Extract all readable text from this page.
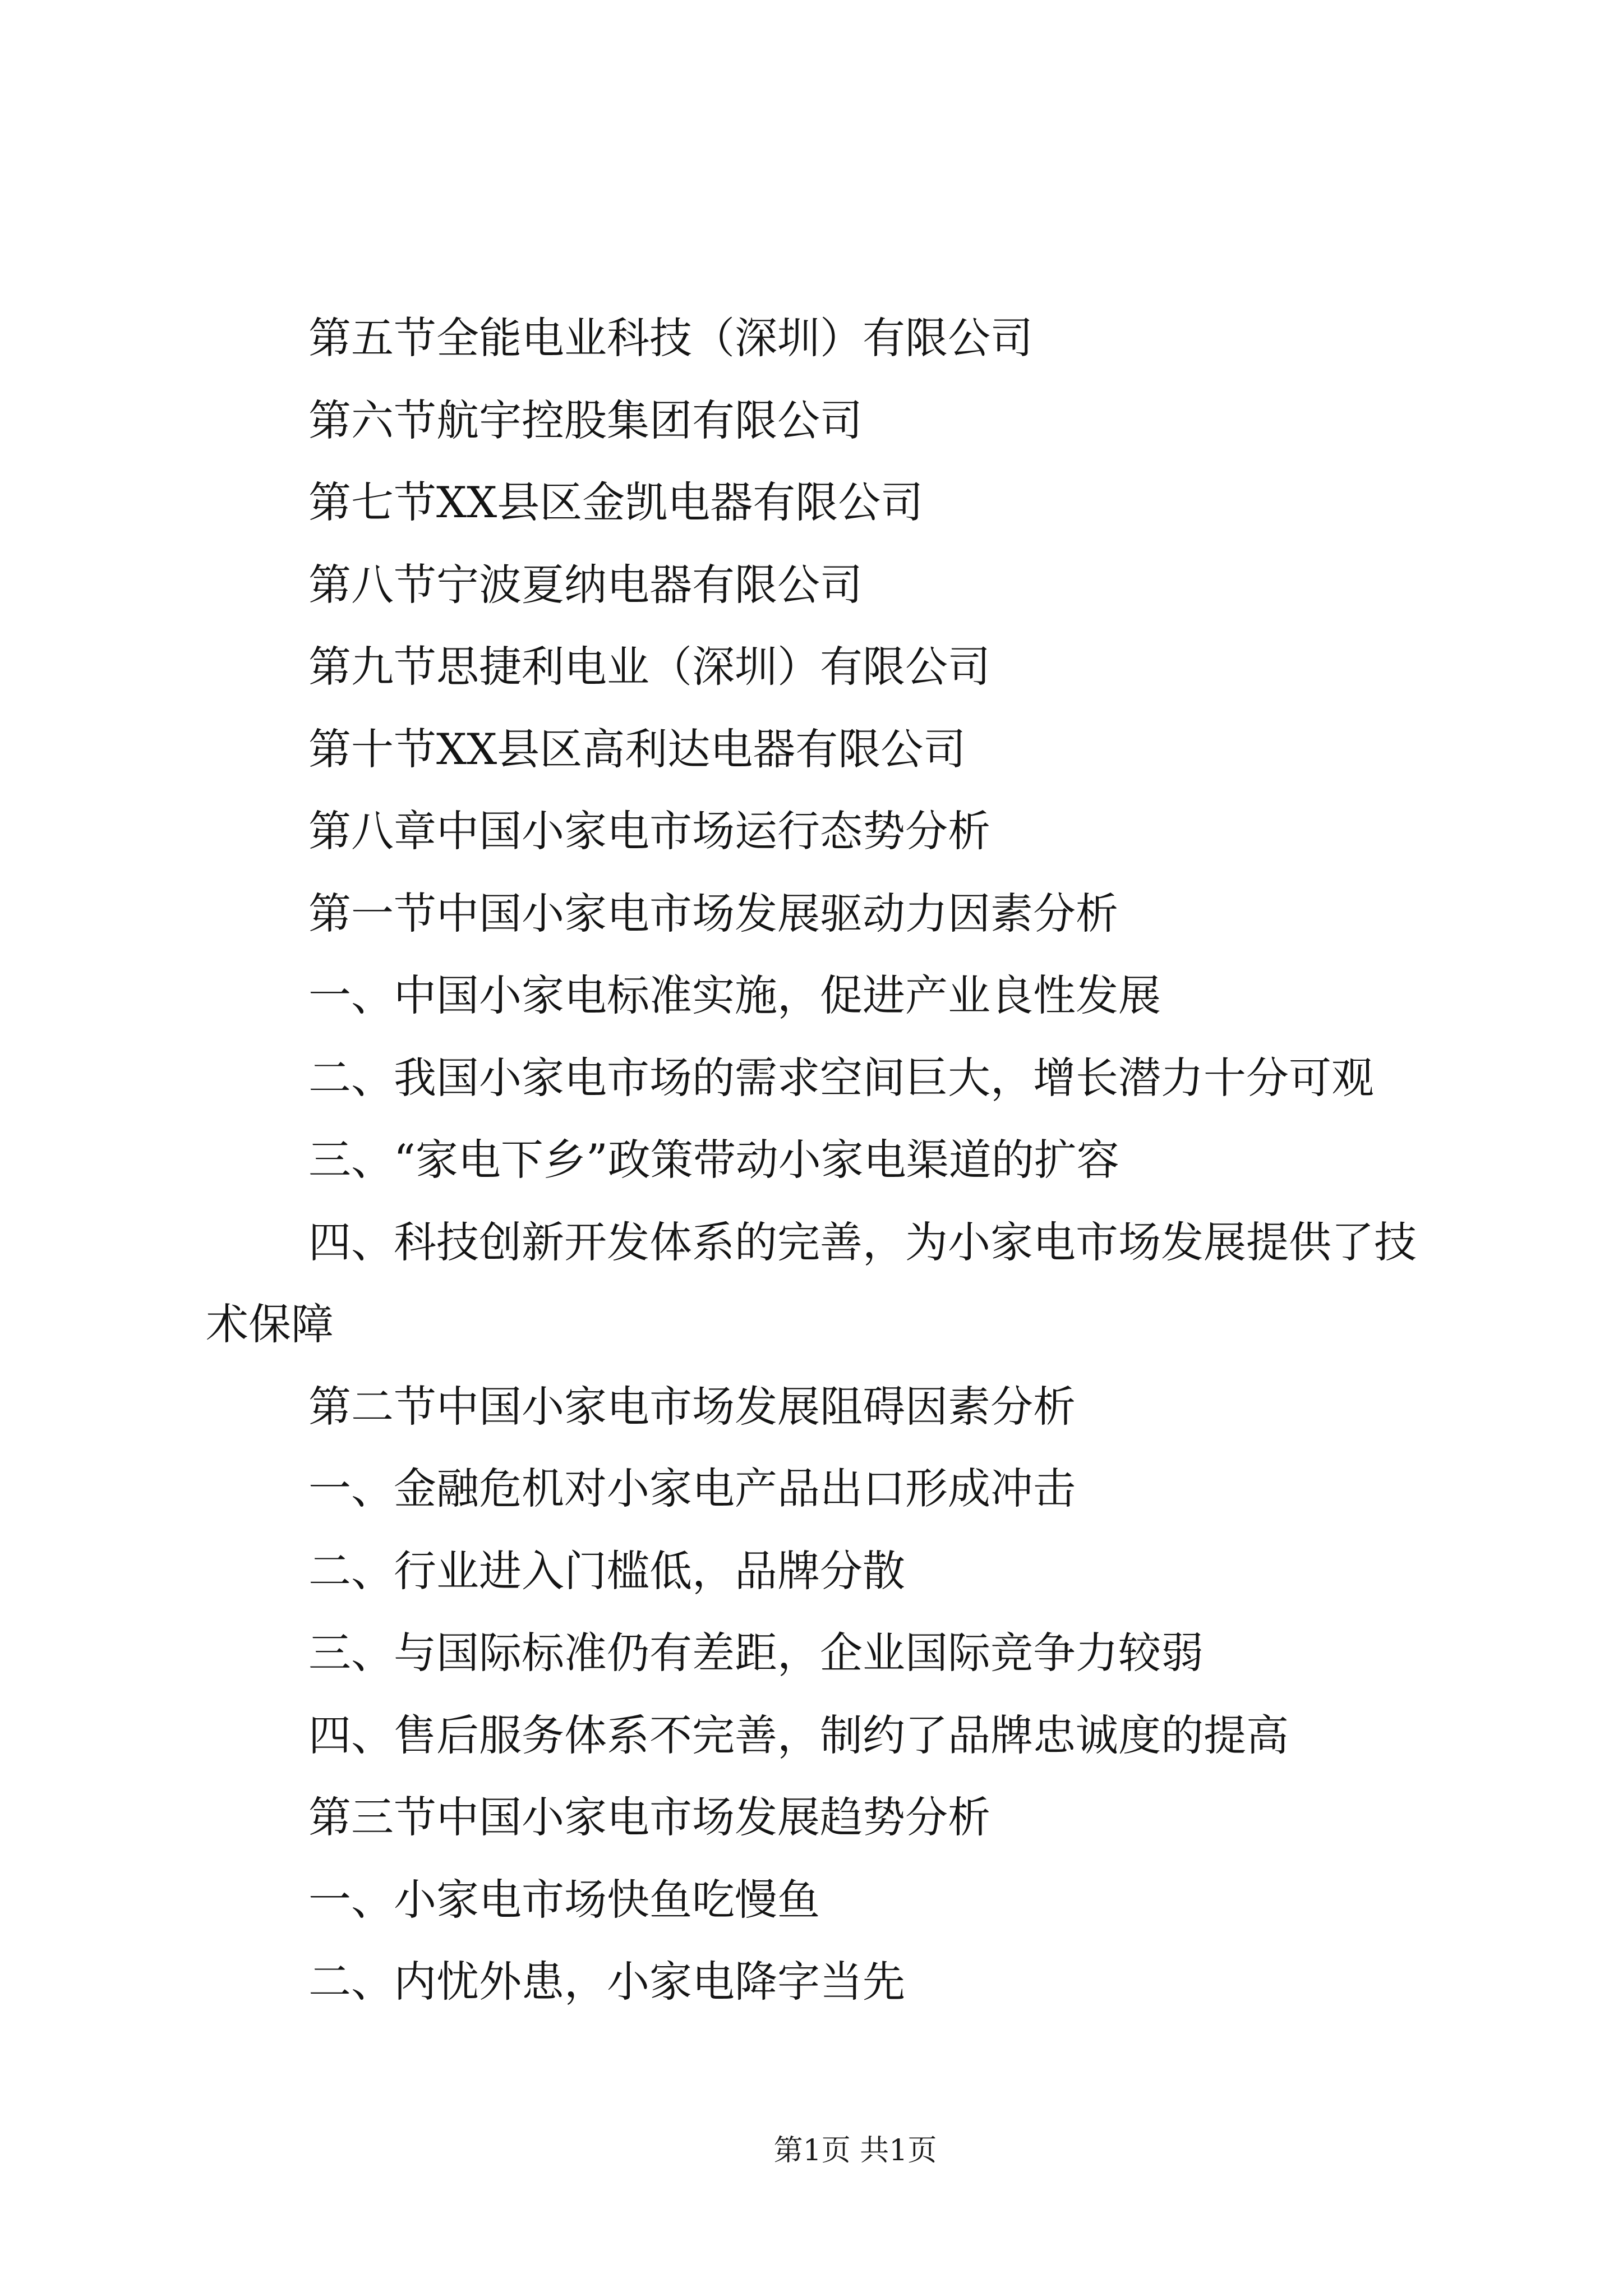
第五节全能电业科技（深圳）有限公司
第六节航宇控股集团有限公司
第七节XX县区金凯电器有限公司
第八节宁波夏纳电器有限公司
第九节思捷利电业（深圳）有限公司
第十节XX县区高利达电器有限公司
第八章中国小家电市场运行态势分析
第一节中国小家电市场发展驱动力因素分析
一、中国小家电标准实施，促进产业良性发展
二、我国小家电市场的需求空间巨大，增长潜力十分可观
三、“家电下乡”政策带动小家电渠道的扩容
四、科技创新开发体系的完善，为小家电市场发展提供了技
术保障
第二节中国小家电市场发展阻碍因素分析
一、金融危机对小家电产品出口形成冲击
二、行业进入门槛低，品牌分散
三、与国际标准仍有差距，企业国际竞争力较弱
四、售后服务体系不完善，制约了品牌忠诚度的提高
第三节中国小家电市场发展趋势分析
一、小家电市场快鱼吃慢鱼
二、内忧外患，小家电降字当先
第1页 共1页
